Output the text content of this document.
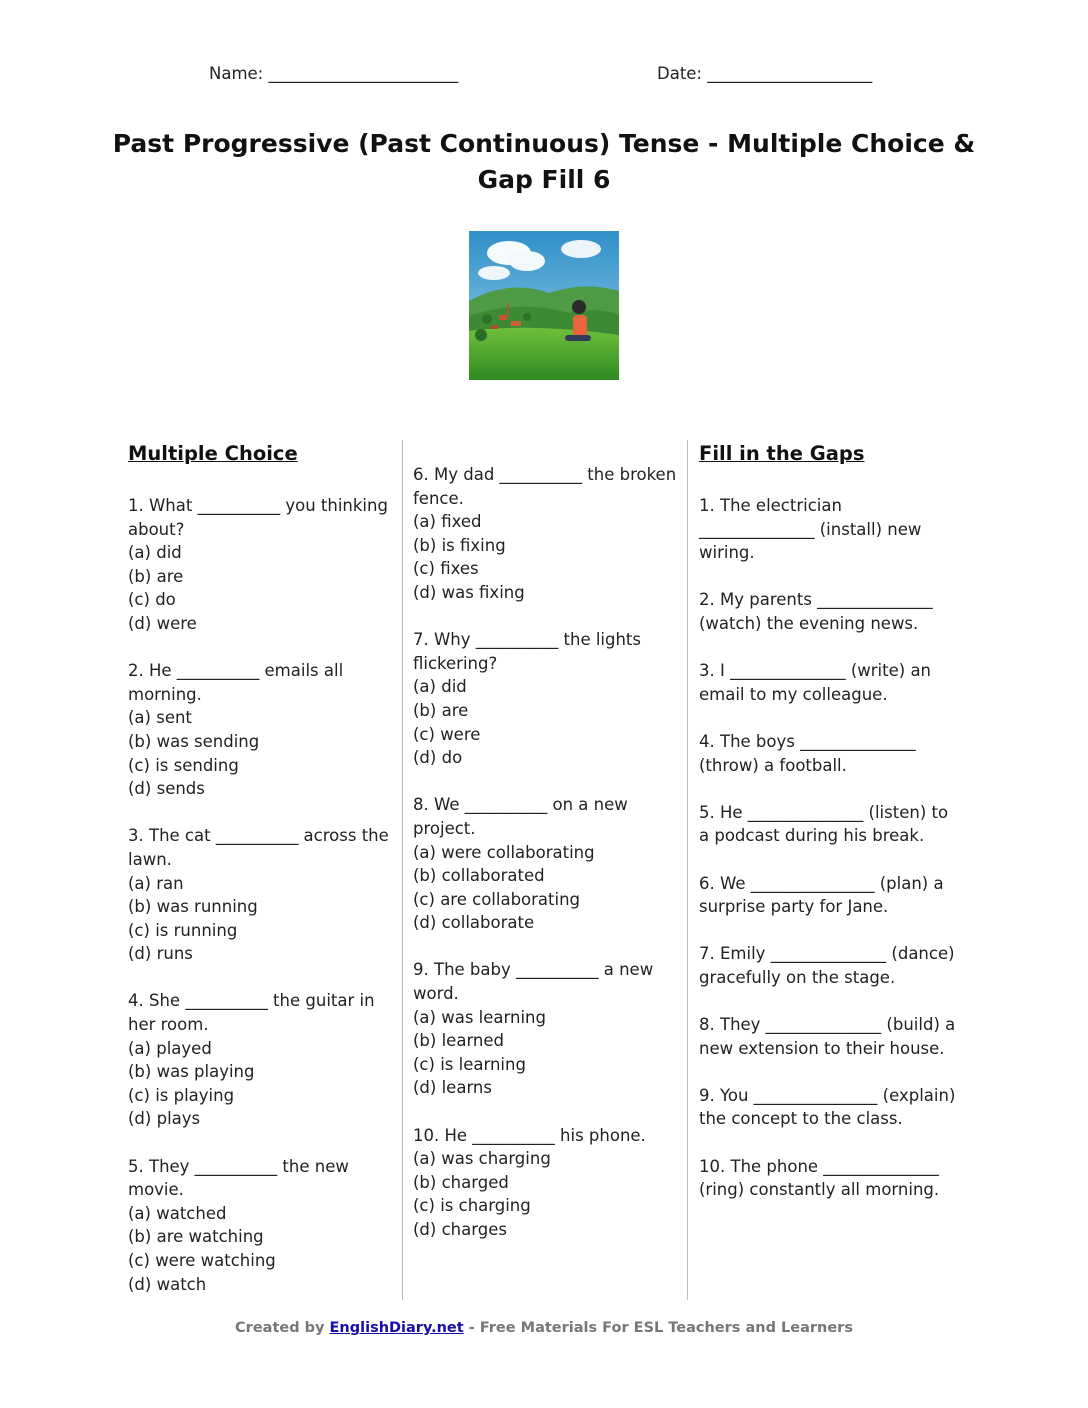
Name: _______________________	Date: ____________________
Past Progressive (Past Continuous) Tense - Multiple Choice & Gap Fill 6
Multiple Choice
1. What __________ you thinking about?
(a) did
(b) are
(c) do
(d) were
2. He __________ emails all morning.
(a) sent
(b) was sending
(c) is sending
(d) sends
3. The cat __________ across the lawn.
(a) ran
(b) was running
(c) is running
(d) runs
4. She __________ the guitar in her room.
(a) played
(b) was playing
(c) is playing
(d) plays
5. They __________ the new movie.
(a) watched
(b) are watching
(c) were watching
(d) watch
6. My dad __________ the broken fence.
(a) fixed
(b) is fixing
(c) fixes
(d) was fixing
7. Why __________ the lights flickering?
(a) did
(b) are
(c) were
(d) do
8. We __________ on a new project.
(a) were collaborating
(b) collaborated
(c) are collaborating
(d) collaborate
9. The baby __________ a new word.
(a) was learning
(b) learned
(c) is learning
(d) learns
10. He __________ his phone.
(a) was charging
(b) charged
(c) is charging
(d) charges
Fill in the Gaps
1. The electrician ______________ (install) new wiring.
2. My parents ______________ (watch) the evening news.
3. I ______________ (write) an email to my colleague.
4. The boys ______________ (throw) a football.
5. He ______________ (listen) to a podcast during his break.
6. We _______________ (plan) a surprise party for Jane.
7. Emily ______________ (dance) gracefully on the stage.
8. They ______________ (build) a new extension to their house.
9. You _______________ (explain) the concept to the class.
10. The phone ______________ (ring) constantly all morning.
Created by EnglishDiary.net - Free Materials For ESL Teachers and Learners
